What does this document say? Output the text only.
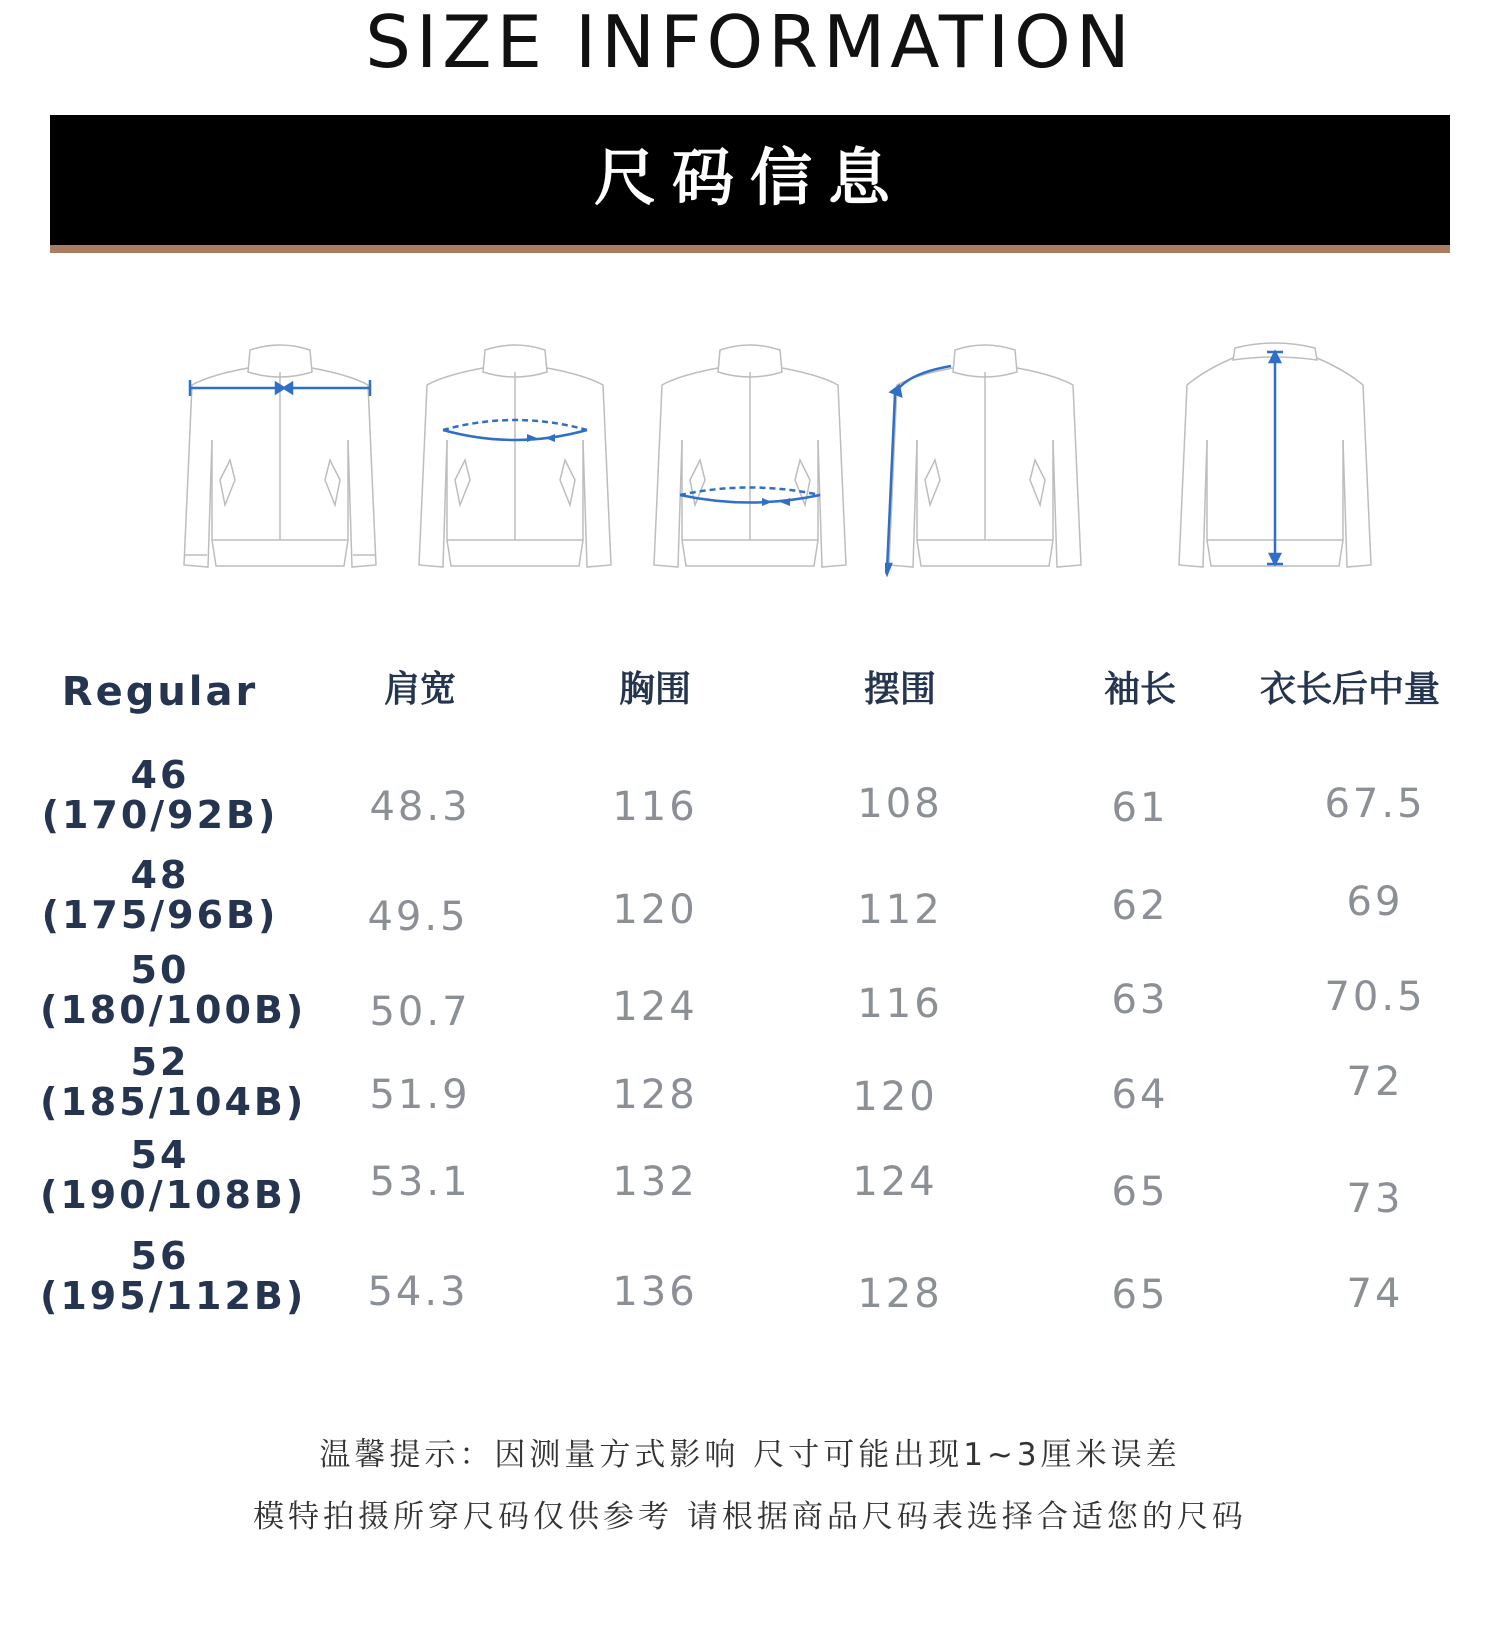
SIZE INFORMATION
尺码信息
Regular	肩宽	胸围	摆围	袖长	衣长后中量
46
(170/92B)	48.3	116	108	61	67.5
48
(175/96B)	49.5	120	112	62	69
50
(180/100B)	50.7	124	116	63	70.5
52
(185/104B)	51.9	128	120	64	72
54
(190/108B)	53.1	132	124	65	73
56
(195/112B)	54.3	136	128	65	74
温馨提示：因测量方式影响 尺寸可能出现1~3厘米误差
模特拍摄所穿尺码仅供参考 请根据商品尺码表选择合适您的尺码
